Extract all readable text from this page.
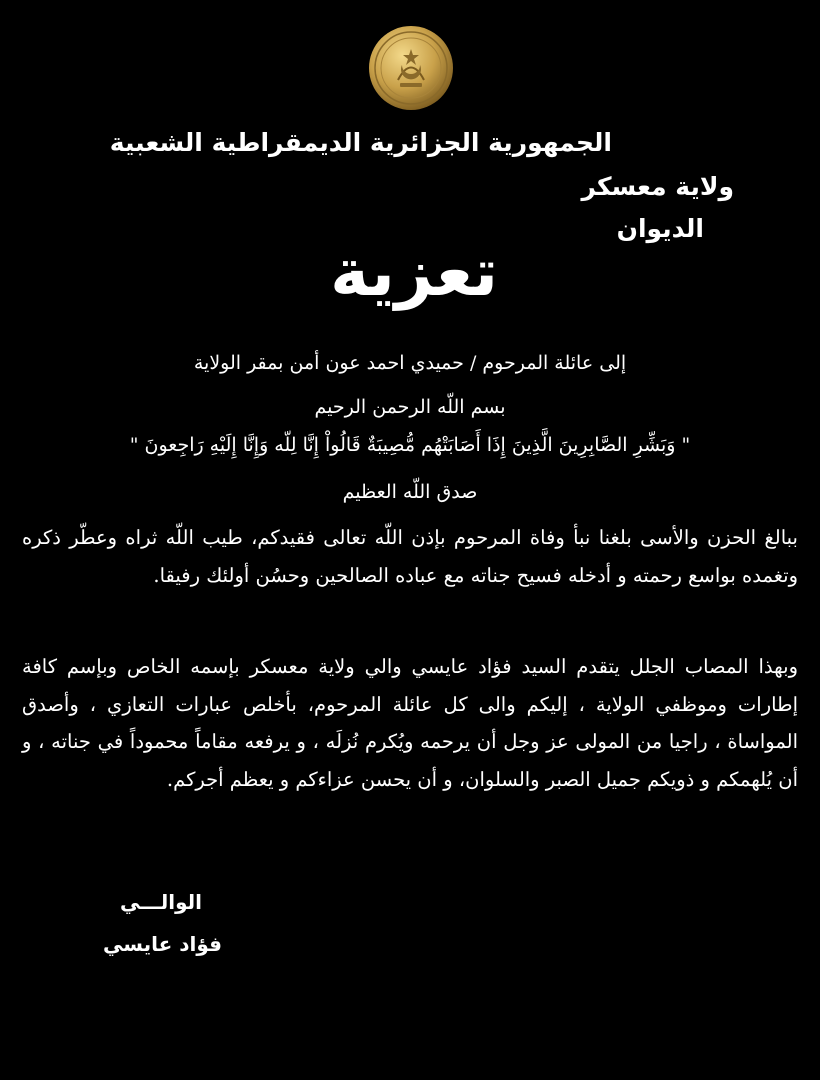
الجمهورية الجزائرية الديمقراطية الشعبية
ولاية معسكر
الديوان
تعزية
إلى عائلة المرحوم / حميدي احمد عون أمن بمقر الولاية
بسم اللّه الرحمن الرحيم
" وَبَشِّرِ الصَّابِرِينَ الَّذِينَ إِذَا أَصَابَتْهُم مُّصِيبَةٌ قَالُواْ إِنَّا لِلّه وَإِنَّا إِلَيْهِ رَاجِعونَ "
صدق اللّه العظيم
ببالغ الحزن والأسى بلغنا نبأ وفاة المرحوم بإذن اللّه تعالى فقيدكم، طيب اللّه ثراه وعطّر ذكره وتغمده بواسع رحمته و أدخله فسيح جناته مع عباده الصالحين وحسُن أولئك رفيقا.
وبهذا المصاب الجلل يتقدم السيد فؤاد عايسي والي ولاية معسكر بإسمه الخاص وبإسم كافة إطارات وموظفي الولاية ، إليكم والى كل عائلة المرحوم، بأخلص عبارات التعازي ، وأصدق المواساة ، راجيا من المولى عز وجل أن يرحمه ويُكرم نُزلَه ، و يرفعه مقاماً محموداً في جناته ، و أن يُلهمكم و ذويكم جميل الصبر والسلوان، و أن يحسن عزاءكم و يعظم أجركم.
الوالـــي
فؤاد عايسي
